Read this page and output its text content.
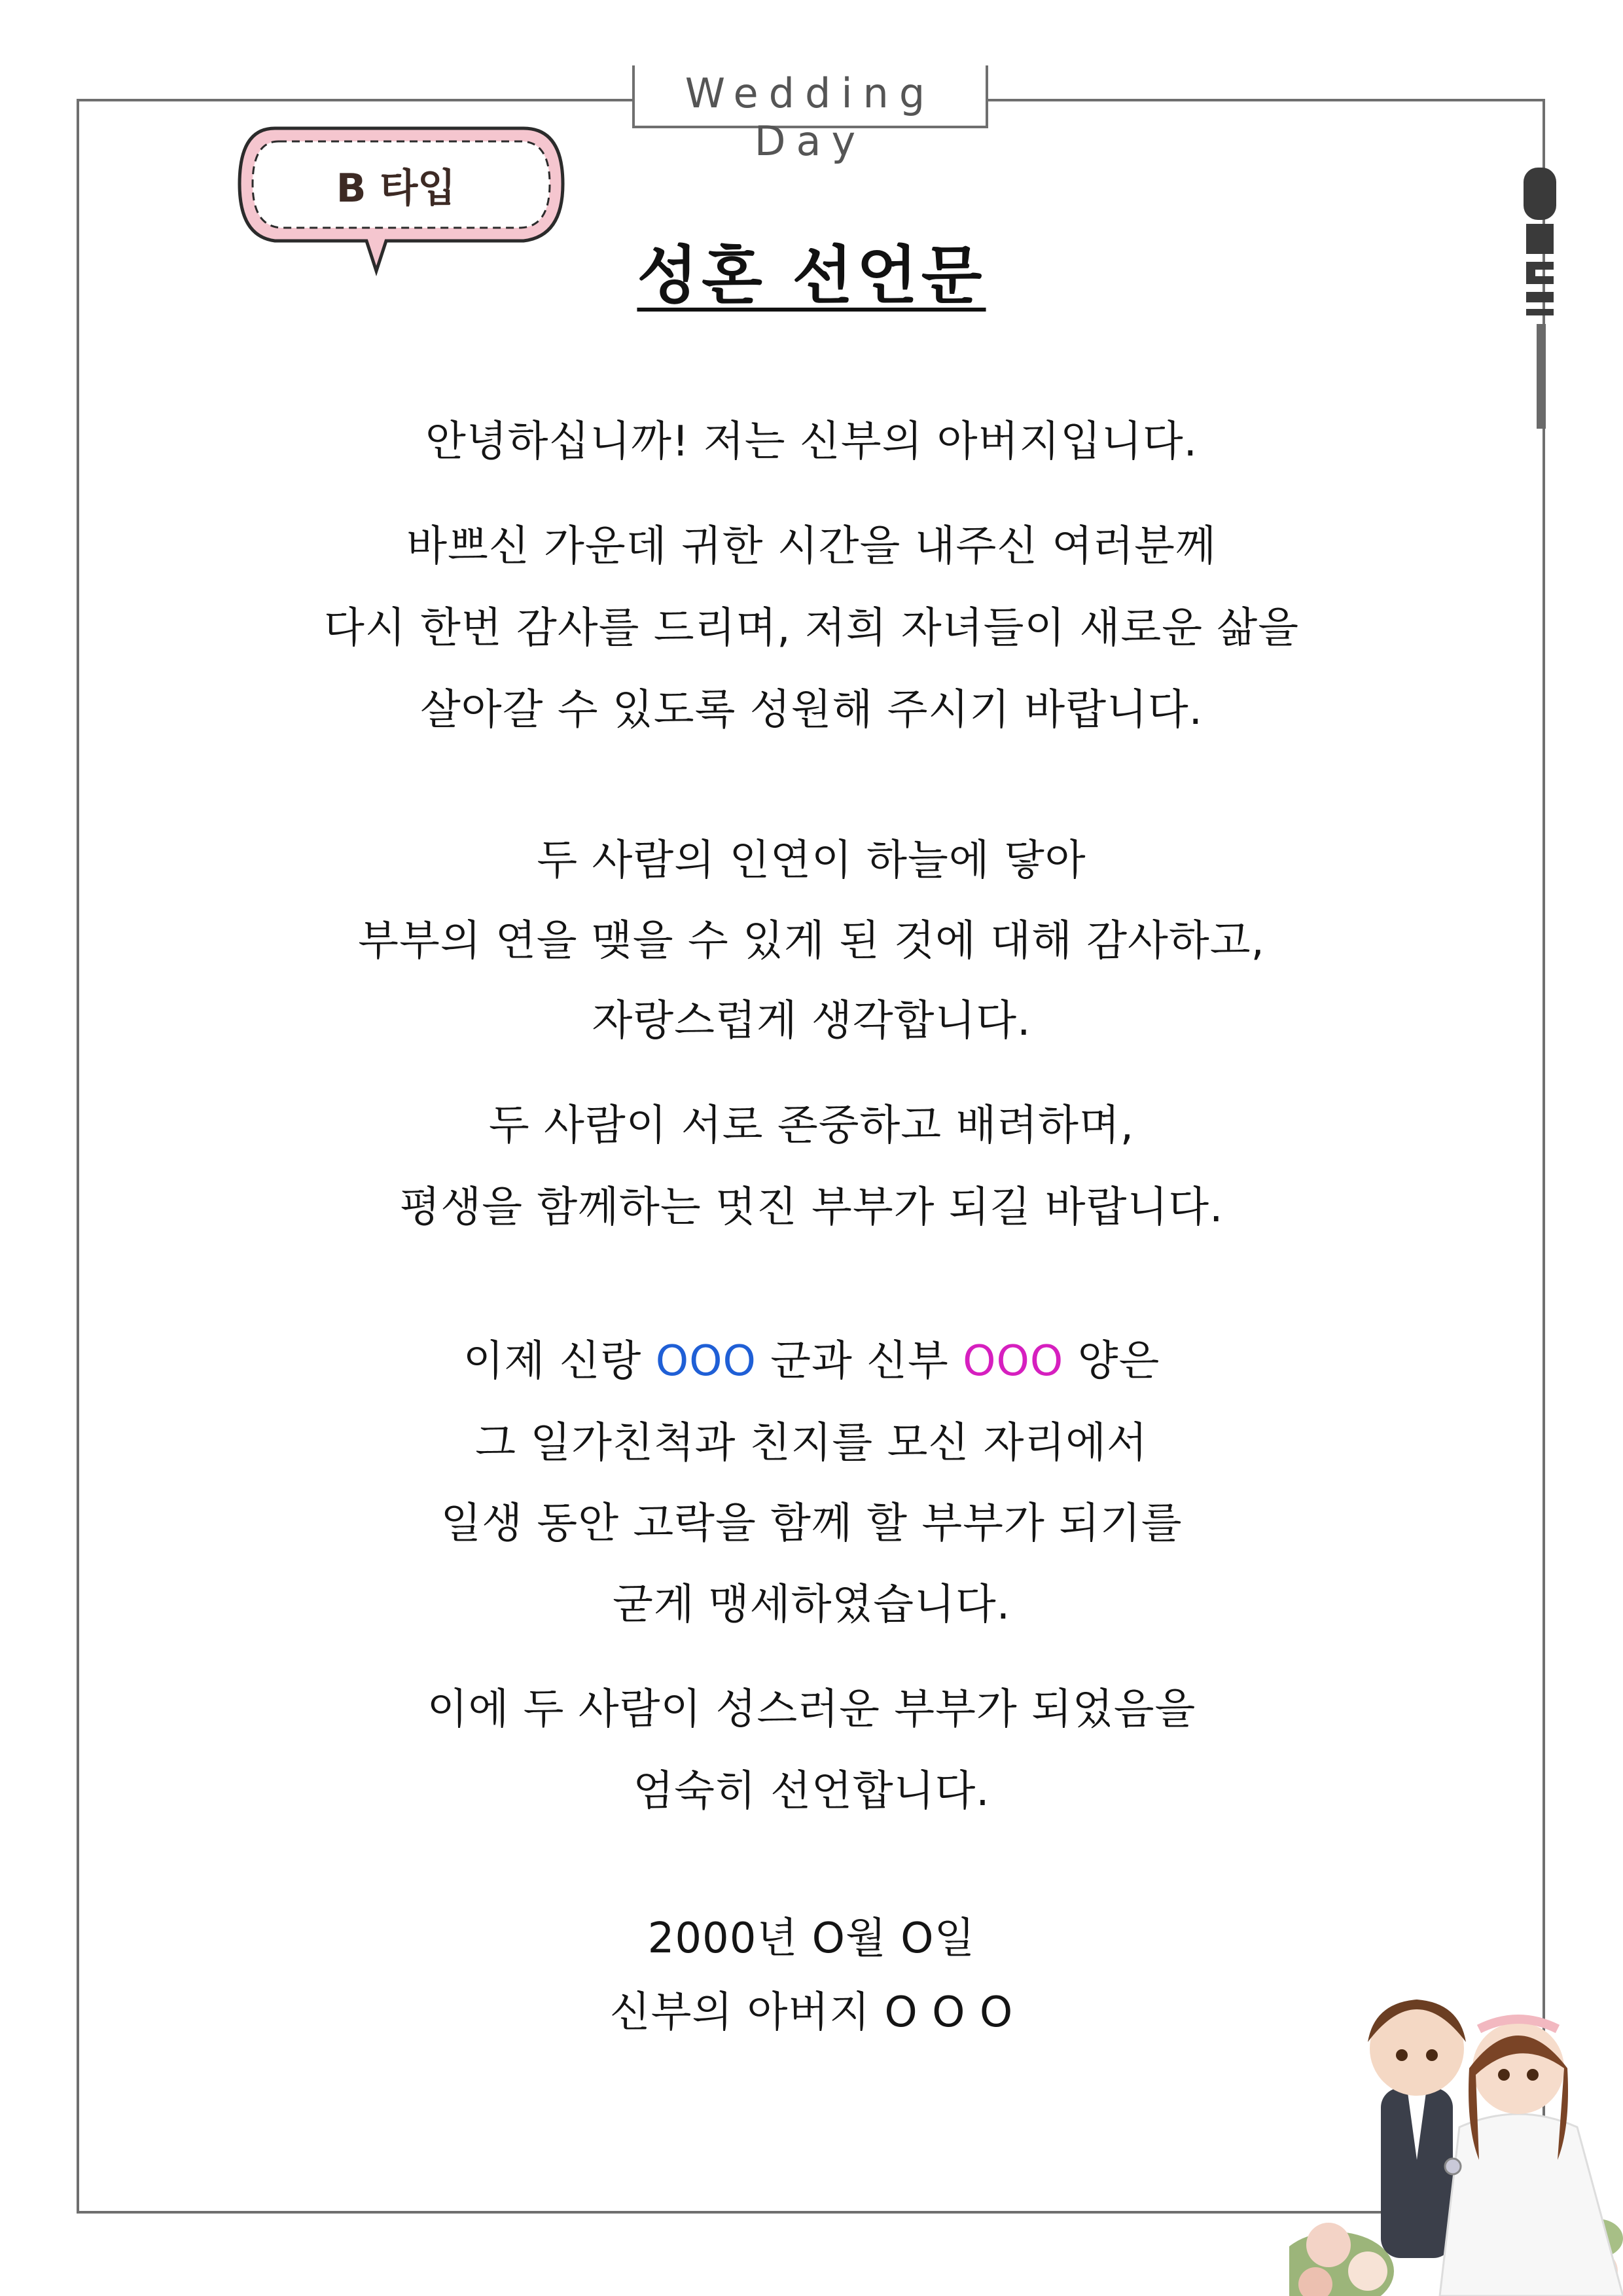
Wedding Day
B 타입
성혼 선언문
안녕하십니까! 저는 신부의 아버지입니다.
바쁘신 가운데 귀한 시간을 내주신 여러분께
다시 한번 감사를 드리며, 저희 자녀들이 새로운 삶을
살아갈 수 있도록 성원해 주시기 바랍니다.
두 사람의 인연이 하늘에 닿아
부부의 연을 맺을 수 있게 된 것에 대해 감사하고,
자랑스럽게 생각합니다.
두 사람이 서로 존중하고 배려하며,
평생을 함께하는 멋진 부부가 되길 바랍니다.
이제 신랑 OOO 군과 신부 OOO 양은
그 일가친척과 친지를 모신 자리에서
일생 동안 고락을 함께 할 부부가 되기를
굳게 맹세하였습니다.
이에 두 사람이 성스러운 부부가 되었음을
엄숙히 선언합니다.
2000년 O월 O일
신부의 아버지 O O O
